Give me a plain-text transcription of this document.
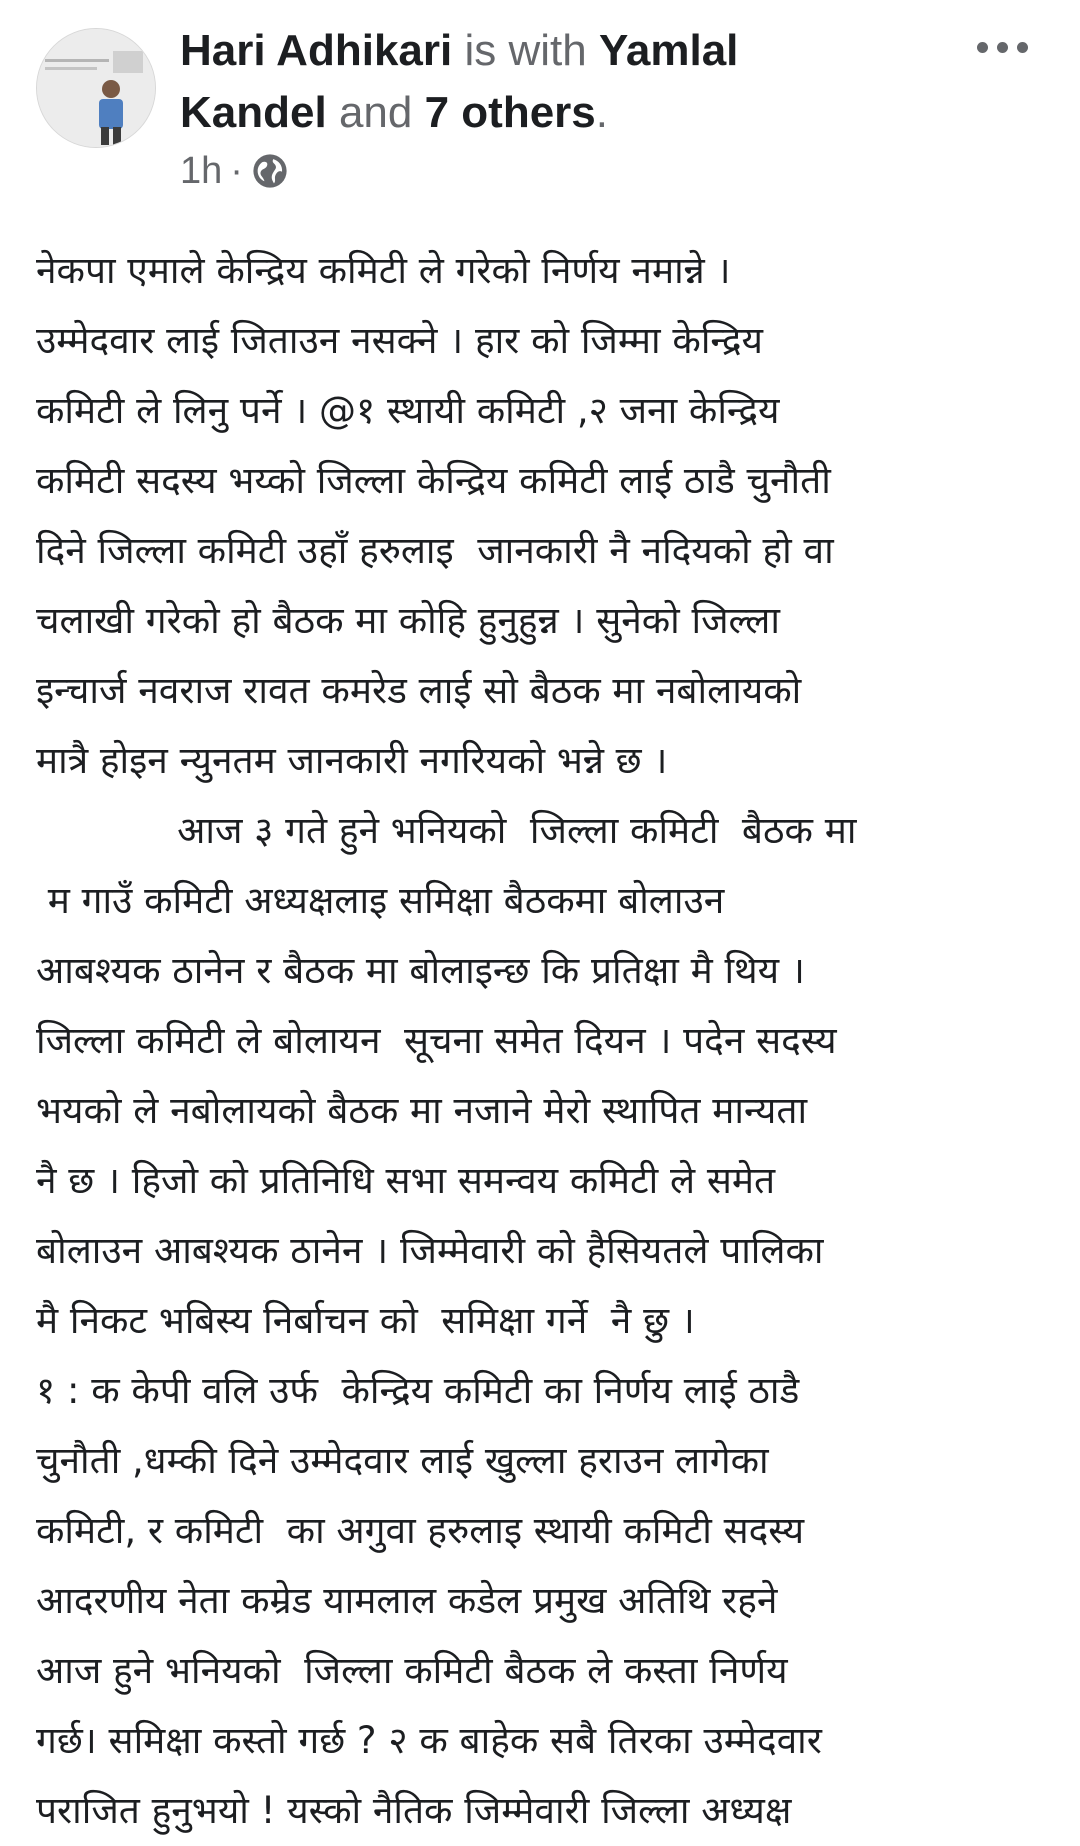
Hari Adhikari is with Yamlal
Kandel and 7 others.
1h ·
नेकपा एमाले केन्द्रिय कमिटी ले गरेको निर्णय नमान्ने ।
उम्मेदवार लाई जिताउन नसक्ने । हार को जिम्मा केन्द्रिय
कमिटी ले लिनु पर्ने । @१ स्थायी कमिटी ,२ जना केन्द्रिय
कमिटी सदस्य भय्को जिल्ला केन्द्रिय कमिटी लाई ठाडै चुनौती
दिने जिल्ला कमिटी उहाँ हरुलाइ  जानकारी नै नदियको हो वा
चलाखी गरेको हो बैठक मा कोहि हुनुहुन्न । सुनेको जिल्ला
इन्चार्ज नवराज रावत कमरेड लाई सो बैठक मा नबोलायको
मात्रै होइन न्युनतम जानकारी नगरियको भन्ने छ ।
आज ३ गते हुने भनियको  जिल्ला कमिटी  बैठक मा
म गाउँ कमिटी अध्यक्षलाइ समिक्षा बैठकमा बोलाउन
आबश्यक ठानेन र बैठक मा बोलाइन्छ कि प्रतिक्षा मै थिय ।
जिल्ला कमिटी ले बोलायन  सूचना समेत दियन । पदेन सदस्य
भयको ले नबोलायको बैठक मा नजाने मेरो स्थापित मान्यता
नै छ । हिजो को प्रतिनिधि सभा समन्वय कमिटी ले समेत
बोलाउन आबश्यक ठानेन । जिम्मेवारी को हैसियतले पालिका
मै निकट भबिस्य निर्बाचन को  समिक्षा गर्ने  नै छु ।
१ : क केपी वलि उर्फ  केन्द्रिय कमिटी का निर्णय लाई ठाडै
चुनौती ,धम्की दिने उम्मेदवार लाई खुल्ला हराउन लागेका
कमिटी, र कमिटी  का अगुवा हरुलाइ स्थायी कमिटी सदस्य
आदरणीय नेता कम्रेड यामलाल कडेल प्रमुख अतिथि रहने
आज हुने भनियको  जिल्ला कमिटी बैठक ले कस्ता निर्णय
गर्छ। समिक्षा कस्तो गर्छ ? २ क बाहेक सबै तिरका उम्मेदवार
पराजित हुनुभयो ! यस्को नैतिक जिम्मेवारी जिल्ला अध्यक्ष
